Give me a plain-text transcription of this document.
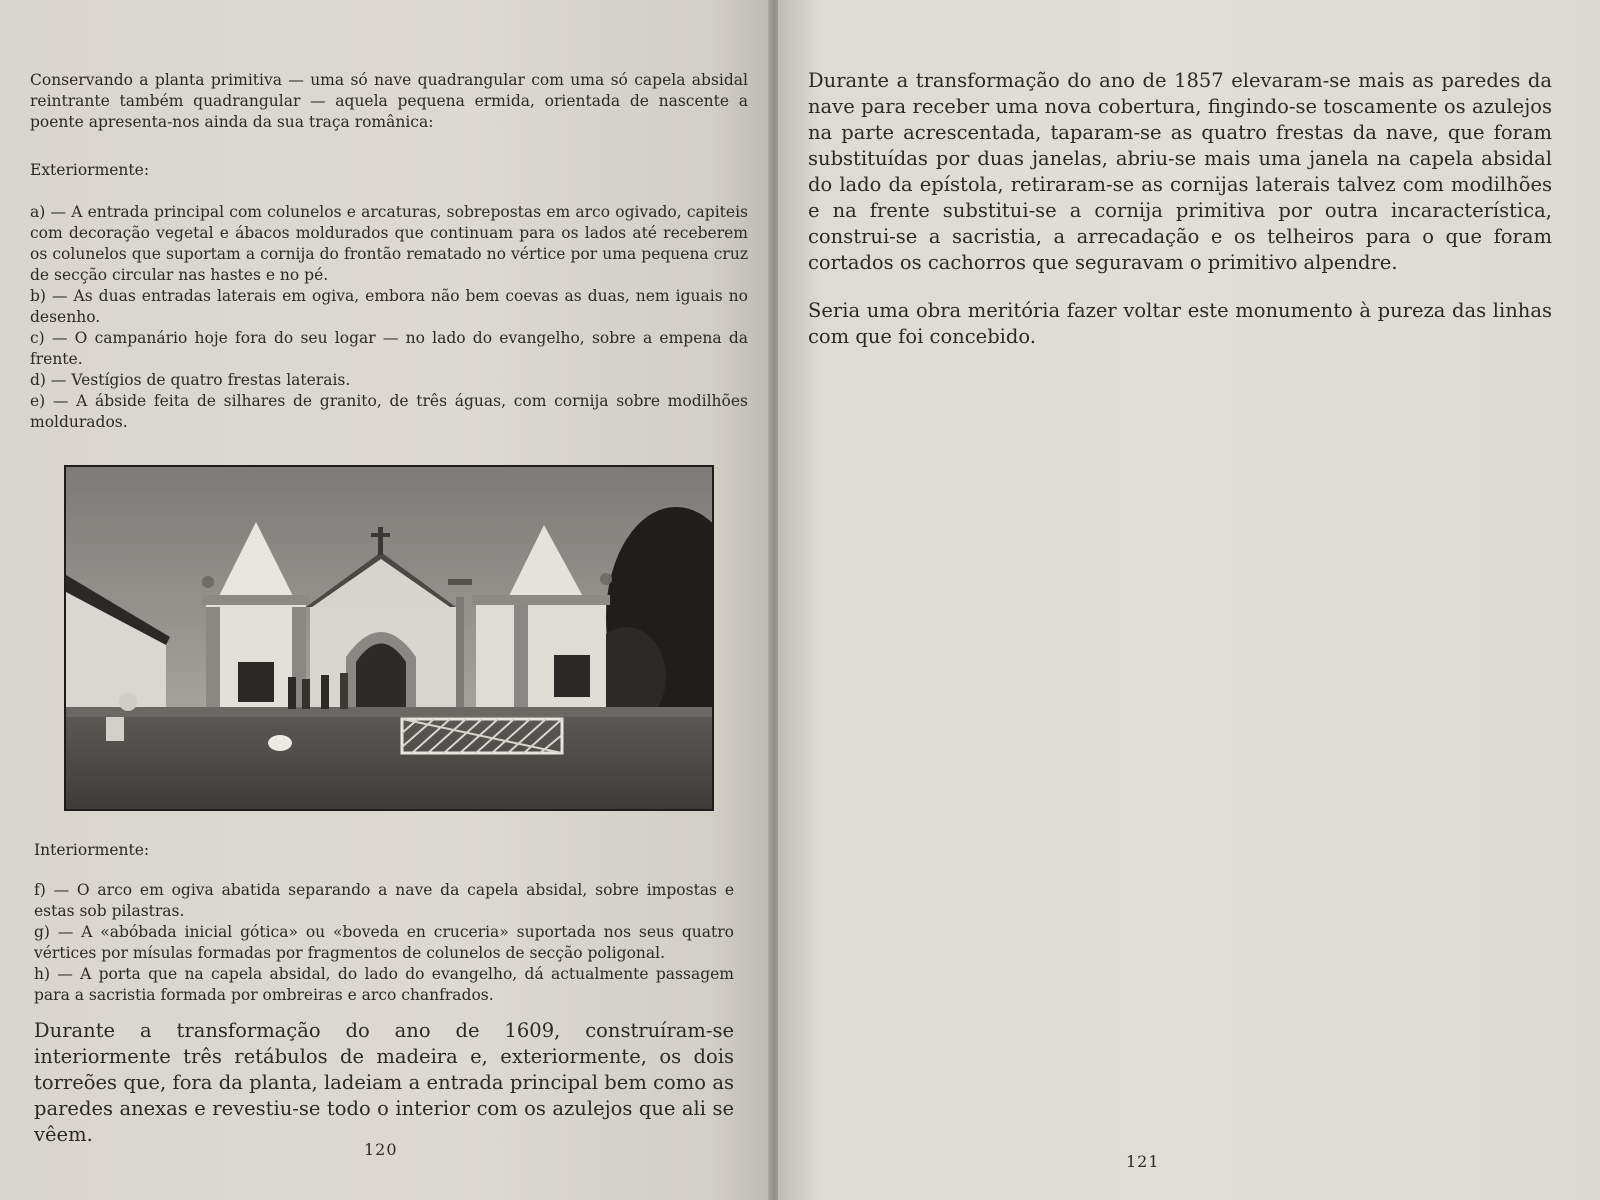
Conservando a planta primitiva — uma só nave quadrangular com uma só capela absidal reintrante também quadrangular — aquela pequena ermida, orientada de nascente a poente apresenta-nos ainda da sua traça românica:

Exteriormente:

a) — A entrada principal com colunelos e arcaturas, sobrepostas em arco ogivado, capiteis com decoração vegetal e ábacos moldurados que continuam para os lados até receberem os colunelos que suportam a cornija do frontão rematado no vértice por uma pequena cruz de secção circular nas hastes e no pé.

b) — As duas entradas laterais em ogiva, embora não bem coevas as duas, nem iguais no desenho.

c) — O campanário hoje fora do seu logar — no lado do evangelho, sobre a empena da frente.

d) — Vestígios de quatro frestas laterais.

e) — A ábside feita de silhares de granito, de três águas, com cornija sobre modilhões moldurados.

Interiormente:

f) — O arco em ogiva abatida separando a nave da capela absidal, sobre impostas e estas sob pilastras.

g) — A «abóbada inicial gótica» ou «boveda en cruceria» suportada nos seus quatro vértices por mísulas formadas por fragmentos de colunelos de secção poligonal.

h) — A porta que na capela absidal, do lado do evangelho, dá actualmente passagem para a sacristia formada por ombreiras e arco chanfrados.

Durante a transformação do ano de 1609, construíram-se interiormente três retábulos de madeira e, exteriormente, os dois torreões que, fora da planta, ladeiam a entrada principal bem como as paredes anexas e revestiu-se todo o interior com os azulejos que ali se vêem.

120

Durante a transformação do ano de 1857 elevaram-se mais as paredes da nave para receber uma nova cobertura, fingindo-se toscamente os azulejos na parte acrescentada, taparam-se as quatro frestas da nave, que foram substituídas por duas janelas, abriu-se mais uma janela na capela absidal do lado da epístola, retiraram-se as cornijas laterais talvez com modilhões e na frente substitui-se a cornija primitiva por outra incaracterística, construi-se a sacristia, a arrecadação e os telheiros para o que foram cortados os cachorros que seguravam o primitivo alpendre.

Seria uma obra meritória fazer voltar este monumento à pureza das linhas com que foi concebido.

121
